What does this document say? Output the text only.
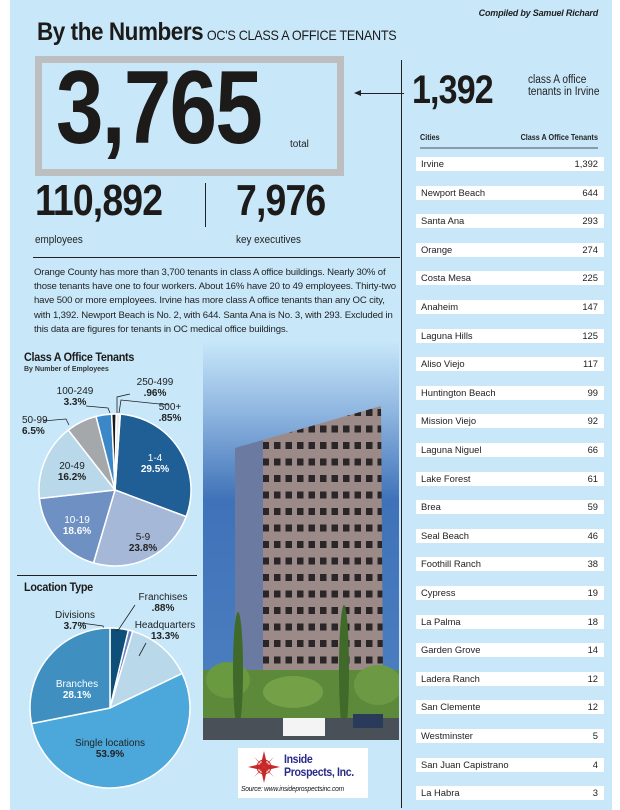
Compiled by Samuel Richard
By the Numbers OC'S CLASS A OFFICE TENANTS
3,765	total
110,892
employees
7,976
key executives
Orange County has more than 3,700 tenants in class A office buildings. Nearly 30% of those tenants have one to four workers. About 16% have 20 to 49 employees. Thirty-two have 500 or more employees. Irvine has more class A office tenants than any OC city, with 1,392. Newport Beach is No. 2, with 644. Santa Ana is No. 3, with 293. Excluded in this data are figures for tenants in OC medical office buildings.
Class A Office Tenants
By Number of Employees
1-4
29.5%
5-9
23.8%
10-19
18.6%
20-49
16.2%
50-99
6.5%
100-249
3.3%
250-499
.96%
500+
.85%
Location Type
Divisions
3.7%
Franchises
.88%
Headquarters
13.3%
Single locations
53.9%
Branches
28.1%
Inside
Prospects, Inc.
Source: www.insideprospectsinc.com
1,392	class A office
tenants in Irvine
Cities	Class A Office Tenants
Irvine	1,392
Newport Beach	644
Santa Ana	293
Orange	274
Costa Mesa	225
Anaheim	147
Laguna Hills	125
Aliso Viejo	117
Huntington Beach	99
Mission Viejo	92
Laguna Niguel	66
Lake Forest	61
Brea	59
Seal Beach	46
Foothill Ranch	38
Cypress	19
La Palma	18
Garden Grove	14
Ladera Ranch	12
San Clemente	12
Westminster	5
San Juan Capistrano	4
La Habra	3
